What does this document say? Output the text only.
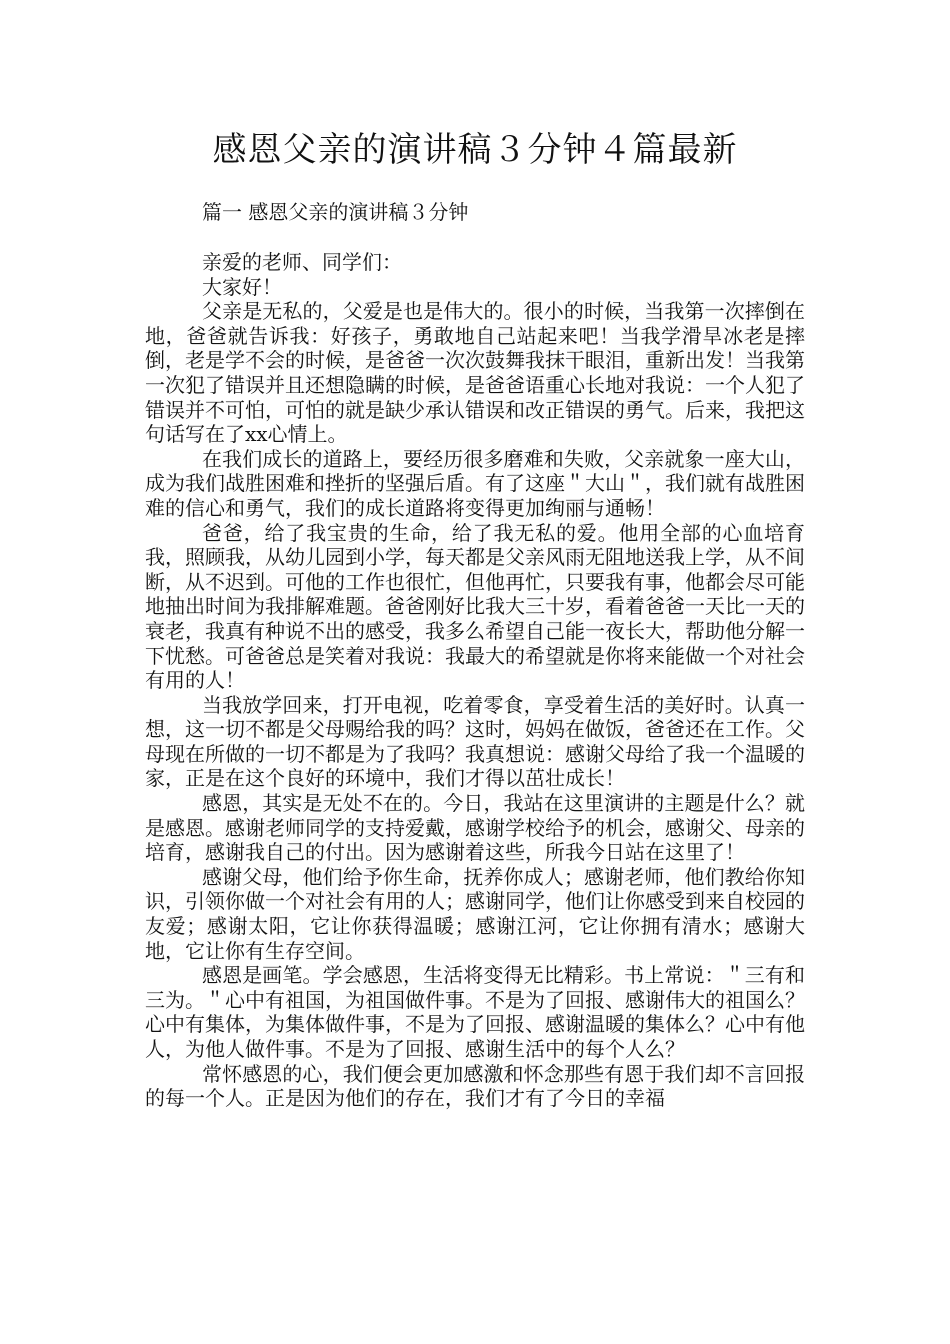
感恩父亲的演讲稿３分钟４篇最新
篇一 感恩父亲的演讲稿３分钟

亲爱的老师、同学们：

大家好！

父亲是无私的，父爱是也是伟大的。很小的时候，当我第一次摔倒在地，爸爸就告诉我：好孩子，勇敢地自己站起来吧！当我学滑旱冰老是摔倒，老是学不会的时候，是爸爸一次次鼓舞我抹干眼泪，重新出发！当我第一次犯了错误并且还想隐瞒的时候，是爸爸语重心长地对我说：一个人犯了错误并不可怕，可怕的就是缺少承认错误和改正错误的勇气。后来，我把这句话写在了xx心情上。

在我们成长的道路上，要经历很多磨难和失败，父亲就象一座大山，成为我们战胜困难和挫折的坚强后盾。有了这座＂大山＂，我们就有战胜困难的信心和勇气，我们的成长道路将变得更加绚丽与通畅！

爸爸，给了我宝贵的生命，给了我无私的爱。他用全部的心血培育我，照顾我，从幼儿园到小学，每天都是父亲风雨无阻地送我上学，从不间断，从不迟到。可他的工作也很忙，但他再忙，只要我有事，他都会尽可能地抽出时间为我排解难题。爸爸刚好比我大三十岁，看着爸爸一天比一天的衰老，我真有种说不出的感受，我多么希望自己能一夜长大，帮助他分解一下忧愁。可爸爸总是笑着对我说：我最大的希望就是你将来能做一个对社会有用的人！

当我放学回来，打开电视，吃着零食，享受着生活的美好时。认真一想，这一切不都是父母赐给我的吗？这时，妈妈在做饭，爸爸还在工作。父母现在所做的一切不都是为了我吗？我真想说：感谢父母给了我一个温暖的家，正是在这个良好的环境中，我们才得以茁壮成长！

感恩，其实是无处不在的。今日，我站在这里演讲的主题是什么？就是感恩。感谢老师同学的支持爱戴，感谢学校给予的机会，感谢父、母亲的培育，感谢我自己的付出。因为感谢着这些，所我今日站在这里了！

感谢父母，他们给予你生命，抚养你成人；感谢老师，他们教给你知识，引领你做一个对社会有用的人；感谢同学，他们让你感受到来自校园的友爱；感谢太阳，它让你获得温暖；感谢江河，它让你拥有清水；感谢大地，它让你有生存空间。

感恩是画笔。学会感恩，生活将变得无比精彩。书上常说：＂三有和三为。＂心中有祖国，为祖国做件事。不是为了回报、感谢伟大的祖国么？心中有集体，为集体做件事，不是为了回报、感谢温暖的集体么？心中有他人，为他人做件事。不是为了回报、感谢生活中的每个人么？

常怀感恩的心，我们便会更加感激和怀念那些有恩于我们却不言回报的每一个人。正是因为他们的存在，我们才有了今日的幸福
